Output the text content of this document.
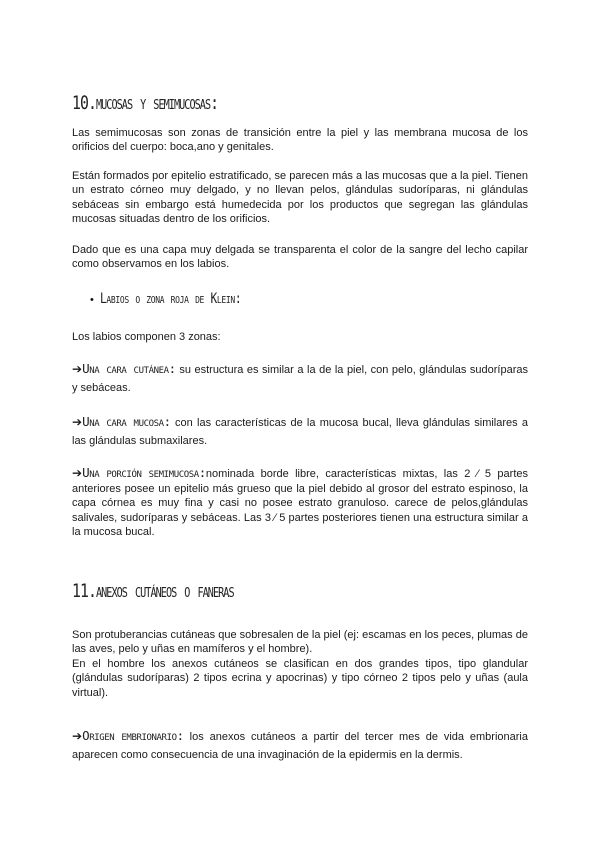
10.mucosas y semimucosas:

Las semimucosas son zonas de transición entre la piel y las membrana mucosa de los orificios del cuerpo: boca,ano y genitales.

Están formados por epitelio estratificado, se parecen más a las mucosas que a la piel. Tienen un estrato córneo muy delgado, y no llevan pelos, glándulas sudoríparas, ni glándulas sebáceas sin embargo está humedecida por los productos que segregan las glándulas mucosas situadas dentro de los orificios.

Dado que es una capa muy delgada se transparenta el color de la sangre del lecho capilar como observamos en los labios.

• Labios o zona roja de Klein:

Los labios componen 3 zonas:

➔Una cara cutánea: su estructura es similar a la de la piel, con pelo, glándulas sudoríparas y sebáceas.

➔Una cara mucosa: con las características de la mucosa bucal, lleva glándulas similares a las glándulas submaxilares.

➔Una porción semimucosa:nominada borde libre, características mixtas, las 2 ⁄ 5 partes anteriores posee un epitelio más grueso que la piel debido al grosor del estrato espinoso, la capa córnea es muy fina y casi no posee estrato granuloso. carece de pelos,glándulas salivales, sudoríparas y sebáceas. Las 3 ⁄ 5 partes posteriores tienen una estructura similar a la mucosa bucal.

11.anexos cutáneos o faneras

Son protuberancias cutáneas que sobresalen de la piel (ej: escamas en los peces, plumas de las aves, pelo y uñas en mamíferos y el hombre).

En el hombre los anexos cutáneos se clasifican en dos grandes tipos, tipo glandular (glándulas sudoríparas) 2 tipos ecrina y apocrinas) y tipo córneo 2 tipos pelo y uñas (aula virtual).

➔Origen embrionario: los anexos cutáneos a partir del tercer mes de vida embrionaria aparecen como consecuencia de una invaginación de la epidermis en la dermis.
